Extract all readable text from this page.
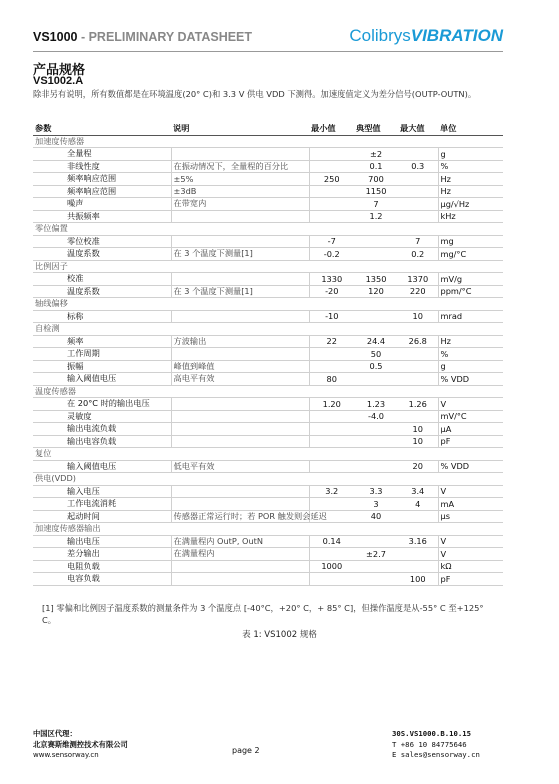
VS1000 - PRELIMINARY DATASHEET	ColibrysVIBRATION
产品规格
VS1002.A
除非另有说明，所有数值都是在环境温度(20° C)和 3.3 V 供电 VDD 下测得。加速度值定义为差分信号(OUTP-OUTN)。
参数	说明	最小值	典型值	最大值	单位
加速度传感器					
全量程			±2		g
非线性度	在振动情况下，全量程的百分比		0.1	0.3	%
频率响应范围	±5%	250	700		Hz
频率响应范围	±3dB		1150		Hz
噪声	在带宽内		7		μg/√Hz
共振频率			1.2		kHz
零位偏置					
零位校准		-7		7	mg
温度系数	在 3 个温度下测量[1]	-0.2		0.2	mg/°C
比例因子					
校准		1330	1350	1370	mV/g
温度系数	在 3 个温度下测量[1]	-20	120	220	ppm/°C
轴线偏移					
标称		-10		10	mrad
自检测					
频率	方波输出	22	24.4	26.8	Hz
工作周期			50		%
振幅	峰值到峰值		0.5		g
输入阈值电压	高电平有效	80			% VDD
温度传感器					
在 20°C 时的输出电压		1.20	1.23	1.26	V
灵敏度			-4.0		mV/°C
输出电流负载				10	μA
输出电容负载				10	pF
复位					
输入阈值电压	低电平有效			20	% VDD
供电(VDD)					
输入电压		3.2	3.3	3.4	V
工作电流消耗			3	4	mA
起动时间	传感器正常运行时；若 POR 触发则会延迟		40		μs
加速度传感器输出					
输出电压	在满量程内 OutP, OutN	0.14		3.16	V
差分输出	在满量程内		±2.7		V
电阻负载		1000			kΩ
电容负载				100	pF
[1] 零偏和比例因子温度系数的测量条件为 3 个温度点 [-40°C，+20° C，+ 85° C]，但操作温度是从-55° C 至+125° C。
表 1: VS1002 规格
中国区代理：
北京赛斯维测控技术有限公司
www.sensorway.cn	page 2
30S.VS1000.B.10.15
T +86 10 84775646
E sales@sensorway.cn
